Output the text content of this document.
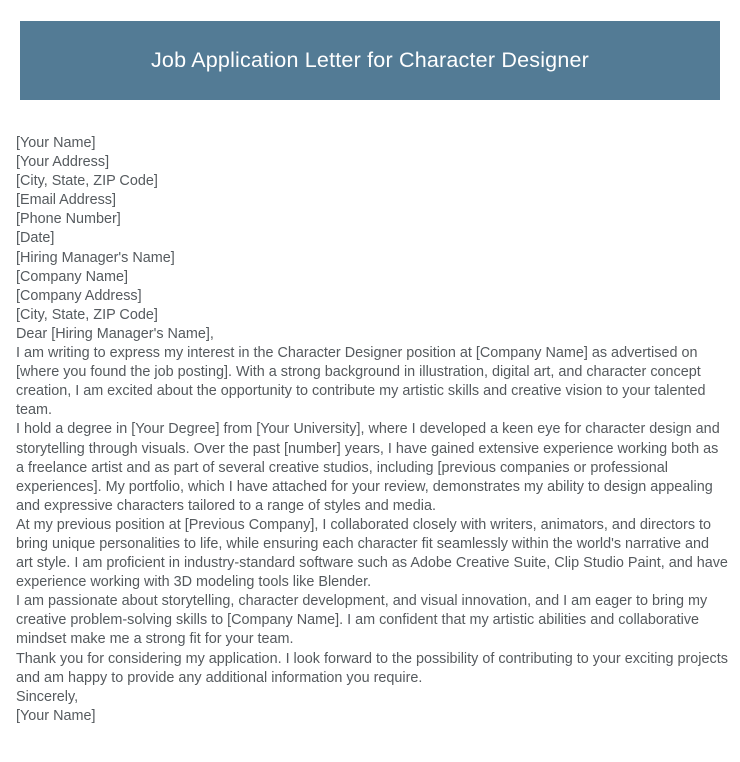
Job Application Letter for Character Designer
[Your Name]
[Your Address]
[City, State, ZIP Code]
[Email Address]
[Phone Number]
[Date]
[Hiring Manager's Name]
[Company Name]
[Company Address]
[City, State, ZIP Code]
Dear [Hiring Manager's Name],

I am writing to express my interest in the Character Designer position at [Company Name] as advertised on [where you found the job posting]. With a strong background in illustration, digital art, and character concept creation, I am excited about the opportunity to contribute my artistic skills and creative vision to your talented team.

I hold a degree in [Your Degree] from [Your University], where I developed a keen eye for character design and storytelling through visuals. Over the past [number] years, I have gained extensive experience working both as a freelance artist and as part of several creative studios, including [previous companies or professional experiences]. My portfolio, which I have attached for your review, demonstrates my ability to design appealing and expressive characters tailored to a range of styles and media.

At my previous position at [Previous Company], I collaborated closely with writers, animators, and directors to bring unique personalities to life, while ensuring each character fit seamlessly within the world's narrative and art style. I am proficient in industry-standard software such as Adobe Creative Suite, Clip Studio Paint, and have experience working with 3D modeling tools like Blender.

I am passionate about storytelling, character development, and visual innovation, and I am eager to bring my creative problem-solving skills to [Company Name]. I am confident that my artistic abilities and collaborative mindset make me a strong fit for your team.

Thank you for considering my application. I look forward to the possibility of contributing to your exciting projects and am happy to provide any additional information you require.

Sincerely,
[Your Name]
